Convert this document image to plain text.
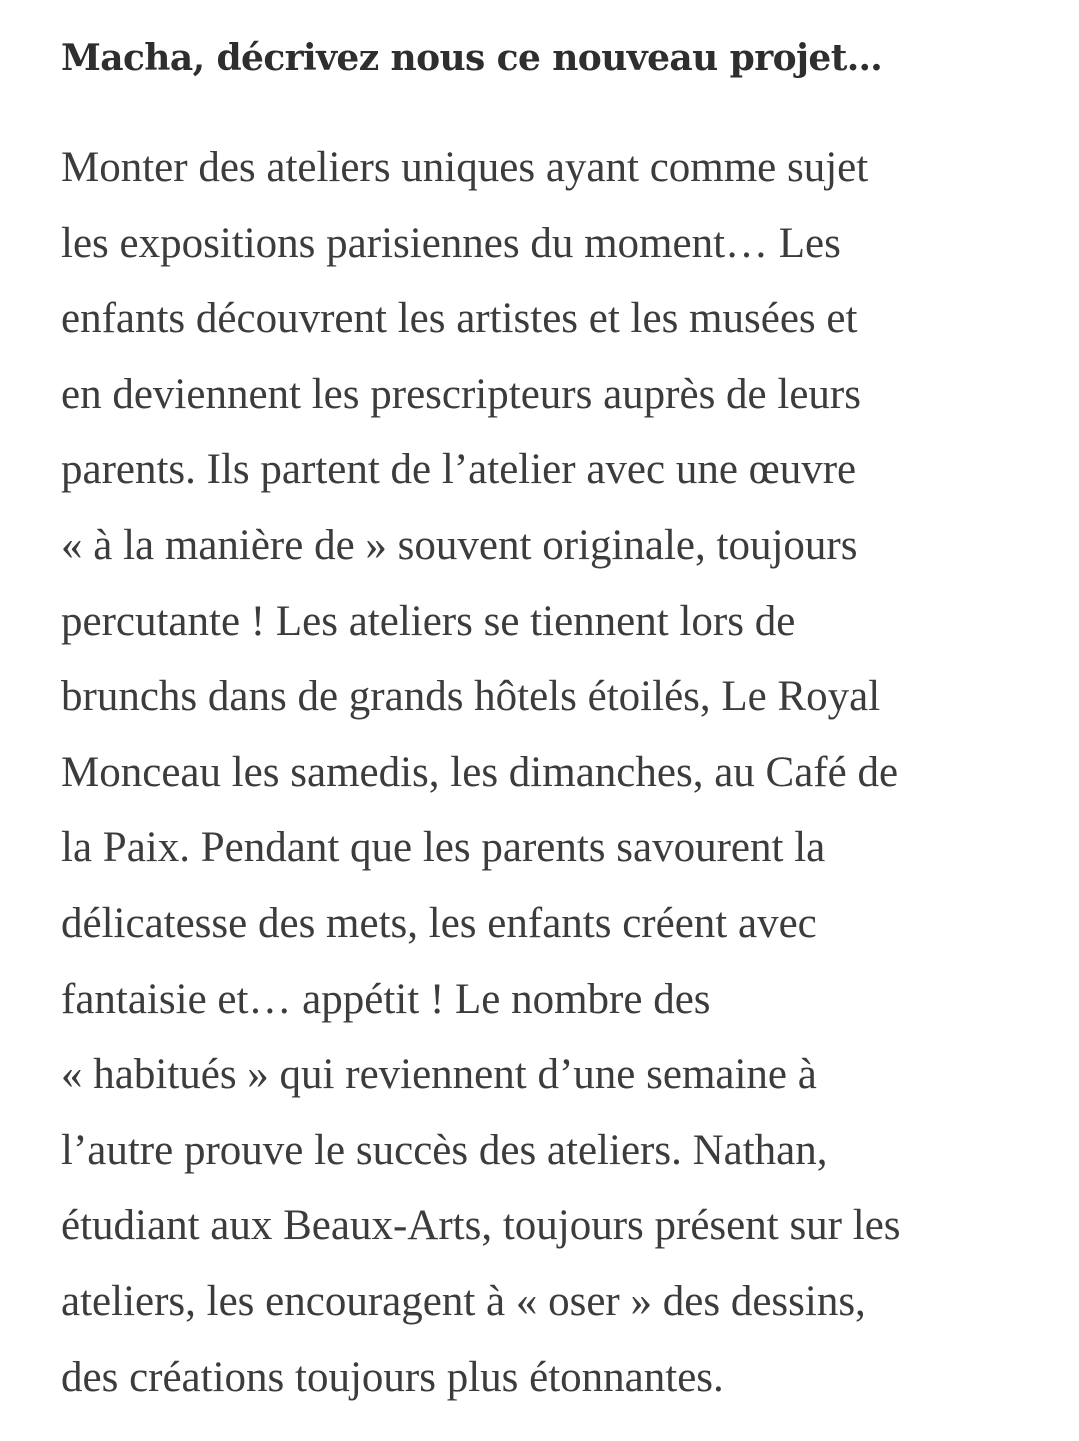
Macha, décrivez nous ce nouveau projet…

Monter des ateliers uniques ayant comme sujet
les expositions parisiennes du moment… Les
enfants découvrent les artistes et les musées et
en deviennent les prescripteurs auprès de leurs
parents. Ils partent de l’atelier avec une œuvre
« à la manière de » souvent originale, toujours
percutante ! Les ateliers se tiennent lors de
brunchs dans de grands hôtels étoilés, Le Royal
Monceau les samedis, les dimanches, au Café de
la Paix. Pendant que les parents savourent la
délicatesse des mets, les enfants créent avec
fantaisie et… appétit ! Le nombre des
« habitués » qui reviennent d’une semaine à
l’autre prouve le succès des ateliers. Nathan,
étudiant aux Beaux-Arts, toujours présent sur les
ateliers, les encouragent à « oser » des dessins,
des créations toujours plus étonnantes.
